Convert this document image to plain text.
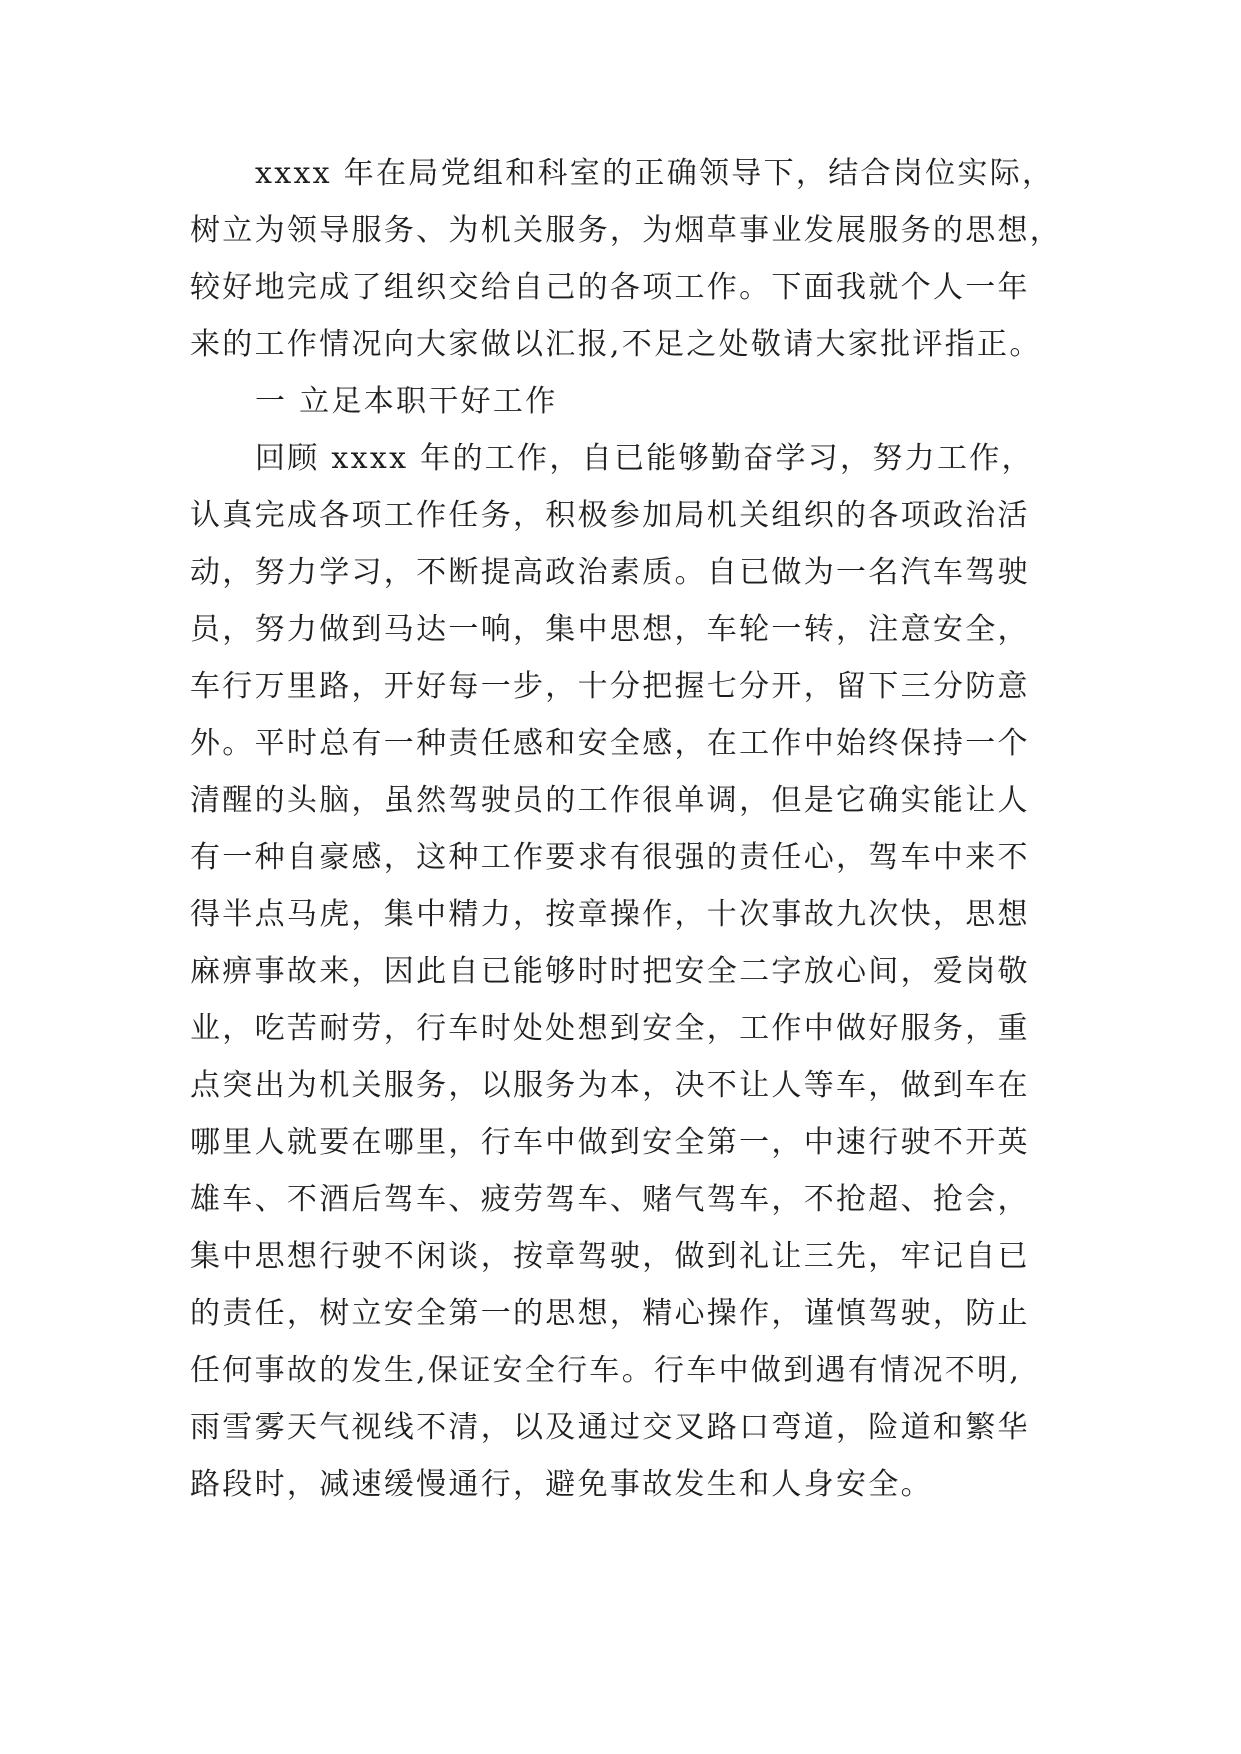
xxxx 年在局党组和科室的正确领导下，结合岗位实际，

树立为领导服务、为机关服务，为烟草事业发展服务的思想，

较好地完成了组织交给自己的各项工作。下面我就个人一年

来的工作情况向大家做以汇报,不足之处敬请大家批评指正。

一 立足本职干好工作

回顾 xxxx 年的工作，自已能够勤奋学习，努力工作，

认真完成各项工作任务，积极参加局机关组织的各项政治活

动，努力学习，不断提高政治素质。自已做为一名汽车驾驶

员，努力做到马达一响，集中思想，车轮一转，注意安全，

车行万里路，开好每一步，十分把握七分开，留下三分防意

外。平时总有一种责任感和安全感，在工作中始终保持一个

清醒的头脑，虽然驾驶员的工作很单调，但是它确实能让人

有一种自豪感，这种工作要求有很强的责任心，驾车中来不

得半点马虎，集中精力，按章操作，十次事故九次快，思想

麻痹事故来，因此自已能够时时把安全二字放心间，爱岗敬

业，吃苦耐劳，行车时处处想到安全，工作中做好服务，重

点突出为机关服务，以服务为本，决不让人等车，做到车在

哪里人就要在哪里，行车中做到安全第一，中速行驶不开英

雄车、不酒后驾车、疲劳驾车、赌气驾车，不抢超、抢会，

集中思想行驶不闲谈，按章驾驶，做到礼让三先，牢记自已

的责任，树立安全第一的思想，精心操作，谨慎驾驶，防止

任何事故的发生,保证安全行车。行车中做到遇有情况不明,

雨雪雾天气视线不清，以及通过交叉路口弯道，险道和繁华

路段时，减速缓慢通行，避免事故发生和人身安全。
